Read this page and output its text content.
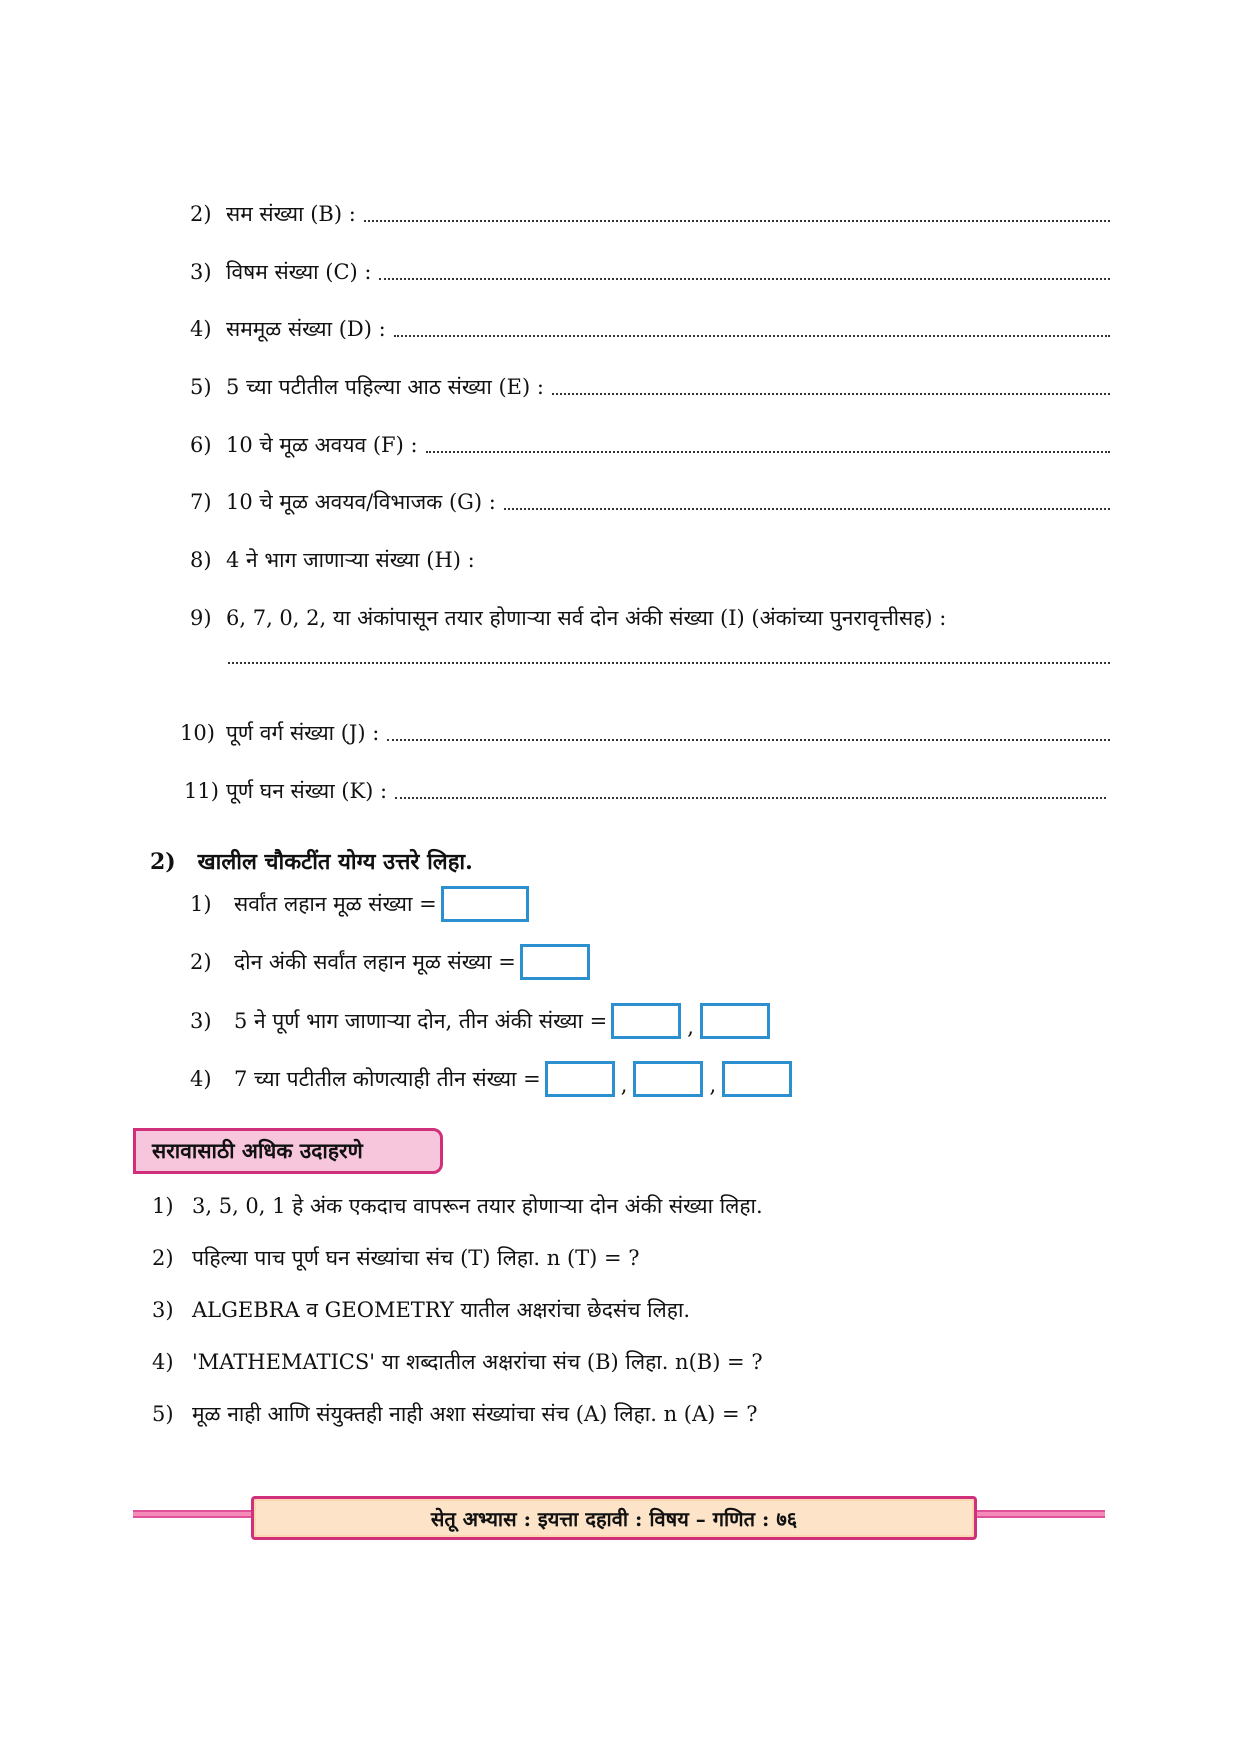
2) सम संख्या (B) :
3) विषम संख्या (C) :
4) सममूळ संख्या (D) :
5) 5 च्या पटीतील पहिल्या आठ संख्या (E) :
6) 10 चे मूळ अवयव (F) :
7) 10 चे मूळ अवयव/विभाजक (G) :
8) 4 ने भाग जाणाऱ्या संख्या (H) :
9) 6, 7, 0, 2, या अंकांपासून तयार होणाऱ्या सर्व दोन अंकी संख्या (I) (अंकांच्या पुनरावृत्तीसह) :
10) पूर्ण वर्ग संख्या (J) :
11) पूर्ण घन संख्या (K) :
2) खालील चौकटींत योग्य उत्तरे लिहा.
1)	सर्वांत लहान मूळ संख्या =
2)	दोन अंकी सर्वांत लहान मूळ संख्या =
3)	5 ने पूर्ण भाग जाणाऱ्या दोन, तीन अंकी संख्या =	,
4)	7 च्या पटीतील कोणत्याही तीन संख्या =	,	,
सरावासाठी अधिक उदाहरणे
1) 3, 5, 0, 1 हे अंक एकदाच वापरून तयार होणाऱ्या दोन अंकी संख्या लिहा.
2) पहिल्या पाच पूर्ण घन संख्यांचा संच (T) लिहा. n (T) = ?
3) ALGEBRA व GEOMETRY यातील अक्षरांचा छेदसंच लिहा.
4) 'MATHEMATICS' या शब्दातील अक्षरांचा संच (B) लिहा. n(B) = ?
5) मूळ नाही आणि संयुक्तही नाही अशा संख्यांचा संच (A) लिहा. n (A) = ?
सेतू अभ्यास : इयत्ता दहावी : विषय – गणित : ७६
